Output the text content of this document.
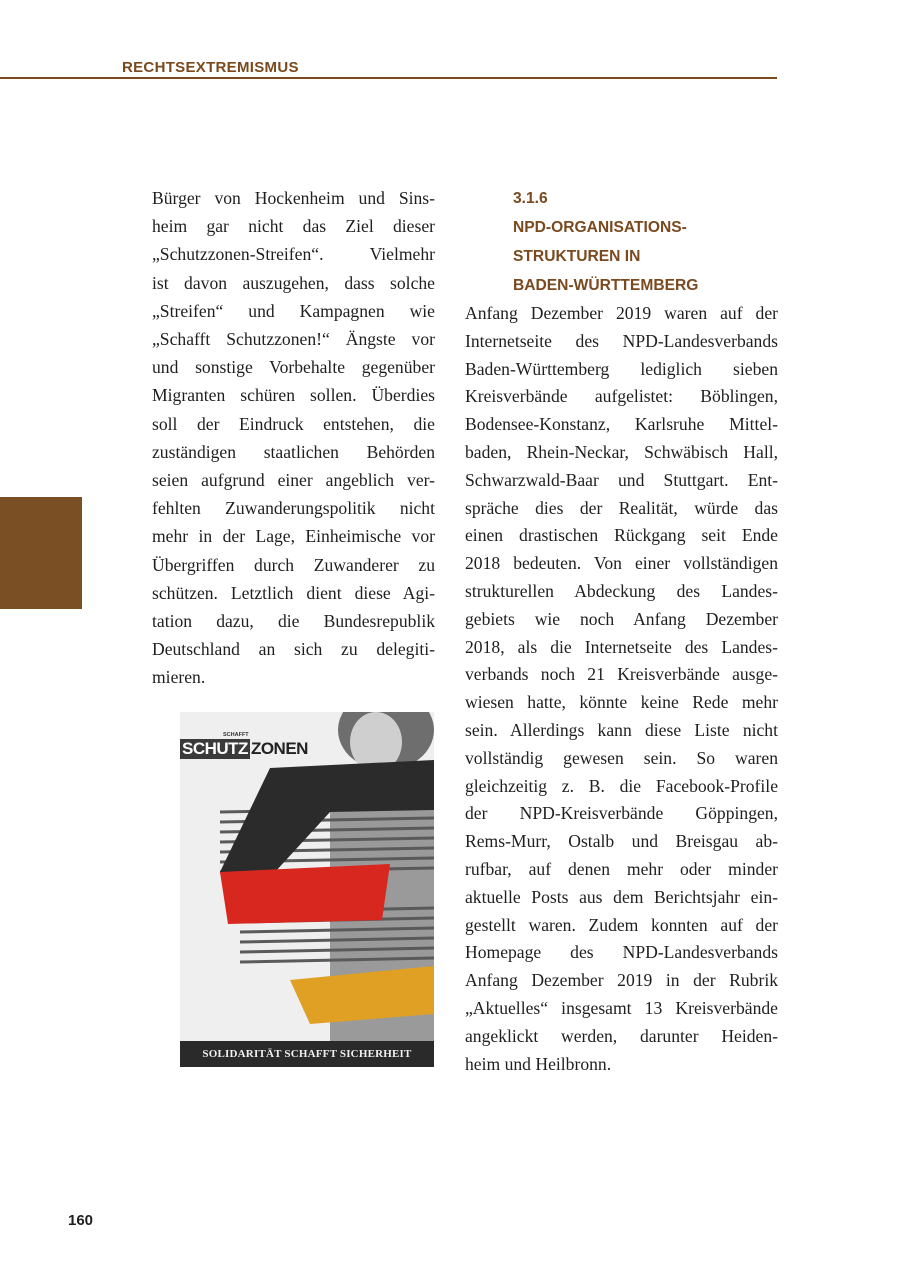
RECHTSEXTREMISMUS

Bürger von Hockenheim und Sins-
heim gar nicht das Ziel dieser
„Schutzzonen-Streifen“. Vielmehr
ist davon auszugehen, dass solche
„Streifen“ und Kampagnen wie
„Schafft Schutzzonen!“ Ängste vor
und sonstige Vorbehalte gegenüber
Migranten schüren sollen. Überdies
soll der Eindruck entstehen, die
zuständigen staatlichen Behörden
seien aufgrund einer angeblich ver-
fehlten Zuwanderungspolitik nicht
mehr in der Lage, Einheimische vor
Übergriffen durch Zuwanderer zu
schützen. Letztlich dient diese Agi-
tation dazu, die Bundesrepublik
Deutschland an sich zu delegiti-
mieren.

SCHAFFT
SCHUTZ ZONEN
SOLIDARITÄT SCHAFFT SICHERHEIT
3.1.6
NPD-ORGANISATIONS-
STRUKTUREN IN
BADEN-WÜRTTEMBERG

Anfang Dezember 2019 waren auf der
Internetseite des NPD-Landesverbands
Baden-Württemberg lediglich sieben
Kreisverbände aufgelistet: Böblingen,
Bodensee-Konstanz, Karlsruhe Mittel-
baden, Rhein-Neckar, Schwäbisch Hall,
Schwarzwald-Baar und Stuttgart. Ent-
spräche dies der Realität, würde das
einen drastischen Rückgang seit Ende
2018 bedeuten. Von einer vollständigen
strukturellen Abdeckung des Landes-
gebiets wie noch Anfang Dezember
2018, als die Internetseite des Landes-
verbands noch 21 Kreisverbände ausge-
wiesen hatte, könnte keine Rede mehr
sein. Allerdings kann diese Liste nicht
vollständig gewesen sein. So waren
gleichzeitig z. B. die Facebook-Profile
der NPD-Kreisverbände Göppingen,
Rems-Murr, Ostalb und Breisgau ab-
rufbar, auf denen mehr oder minder
aktuelle Posts aus dem Berichtsjahr ein-
gestellt waren. Zudem konnten auf der
Homepage des NPD-Landesverbands
Anfang Dezember 2019 in der Rubrik
„Aktuelles“ insgesamt 13 Kreisverbände
angeklickt werden, darunter Heiden-
heim und Heilbronn.

160
